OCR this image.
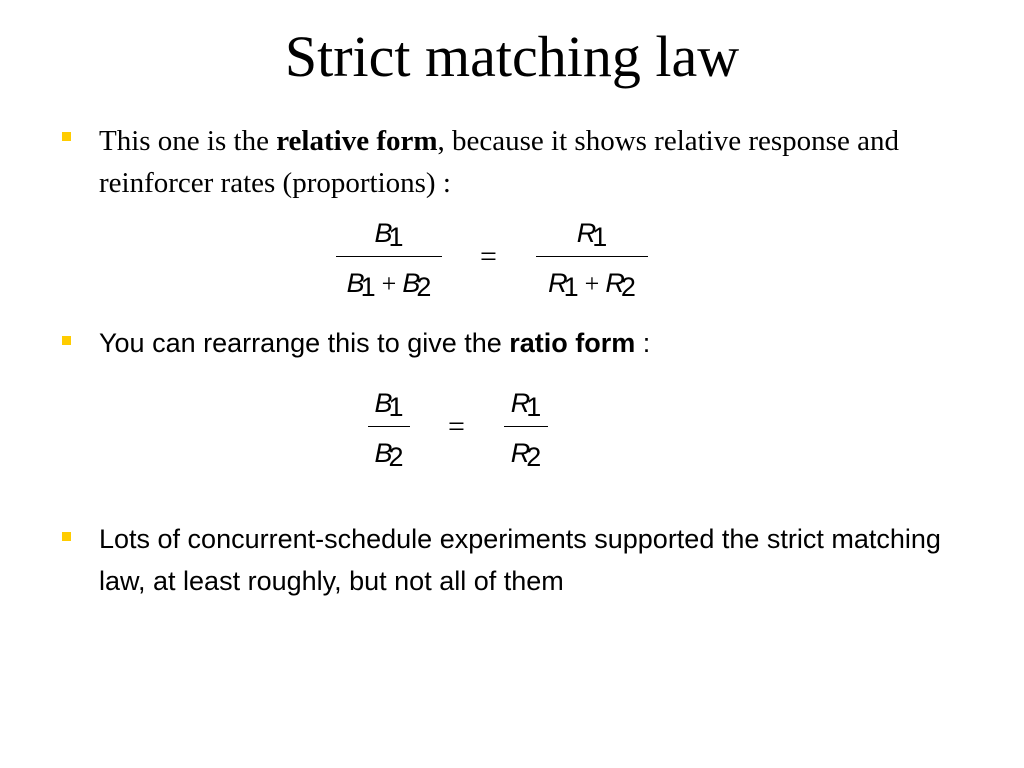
Strict matching law
This one is the relative form, because it shows relative response and reinforcer rates (proportions) :
B1
B1 + B2
=
R1
R1 + R2
You can rearrange this to give the ratio form :
B1
B2
=
R1
R2
Lots of concurrent-schedule experiments supported the strict matching law, at least roughly, but not all of them
